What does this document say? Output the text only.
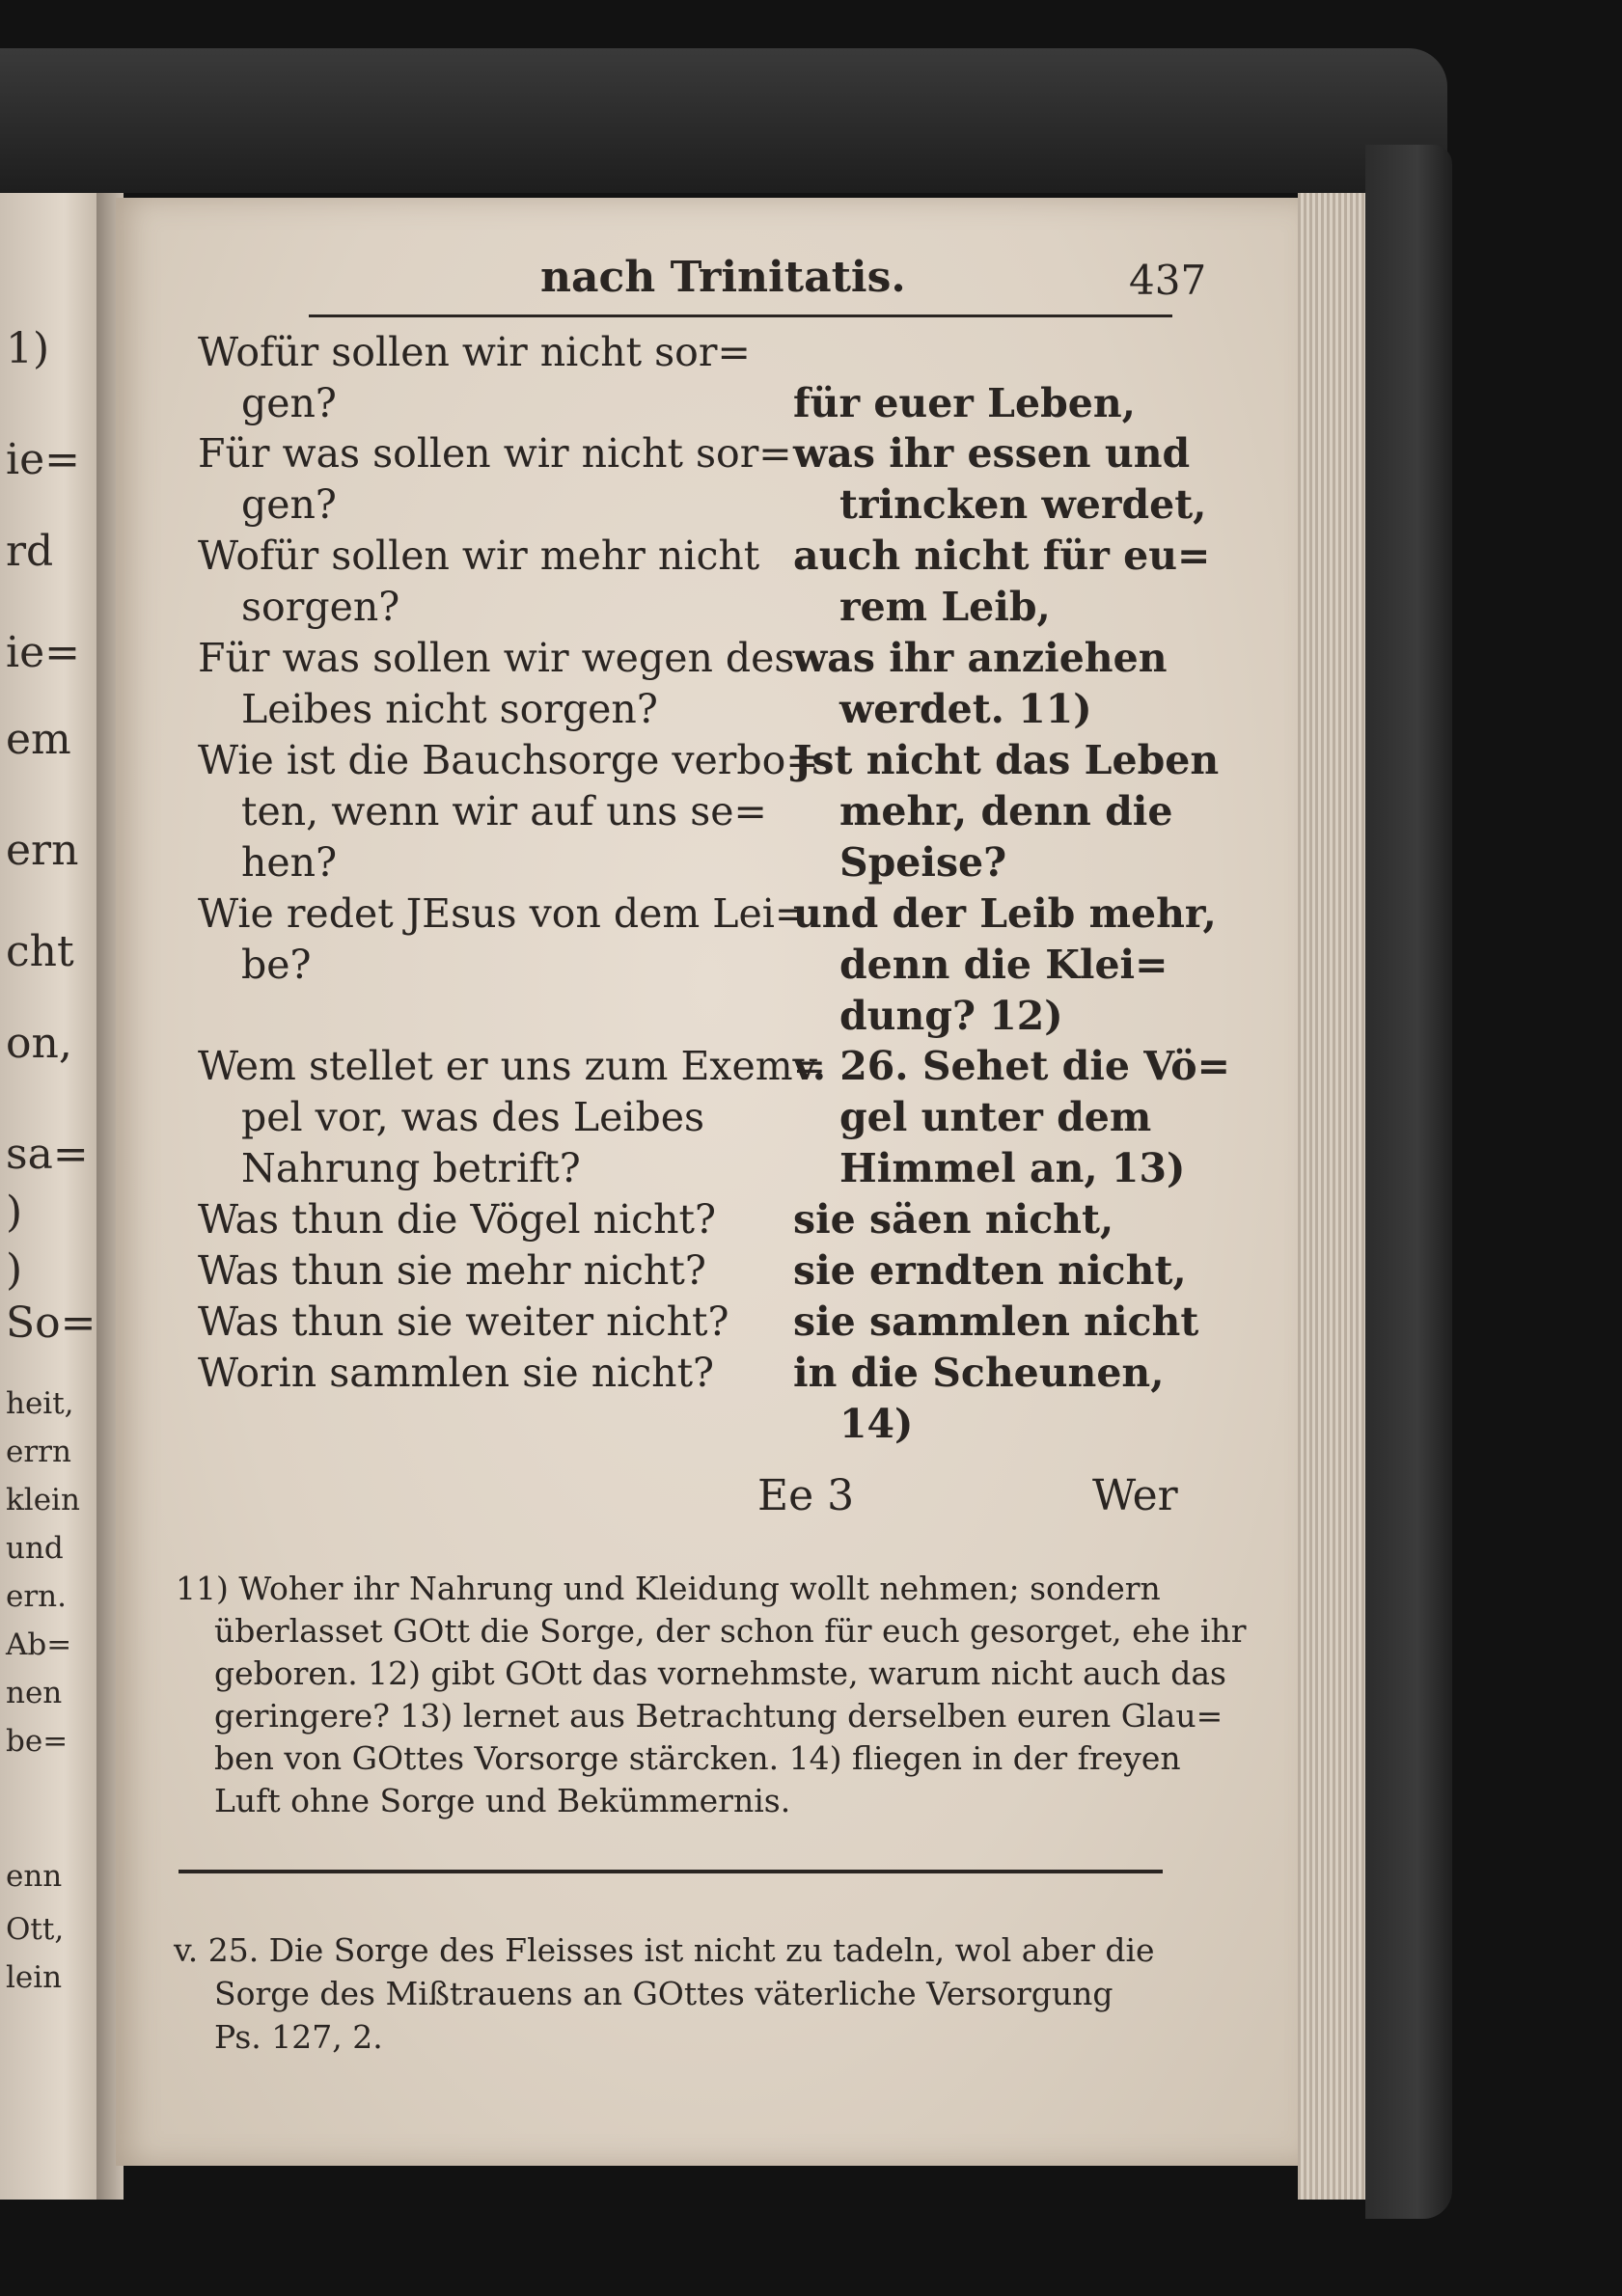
1)
ie=
rd
ie=
em
ern
cht
on,
sa=
)
)
So=
heit,
errn
klein
und
ern.
Ab=
nen
be=
enn
Ott,
lein
nach Trinitatis.	437
Wofür sollen wir nicht sor=
gen?
Für was sollen wir nicht sor=
gen?
Wofür sollen wir mehr nicht
sorgen?
Für was sollen wir wegen des
Leibes nicht sorgen?
Wie ist die Bauchsorge verbo=
ten, wenn wir auf uns se=
hen?
Wie redet JEsus von dem Lei=
be?
Wem stellet er uns zum Exem=
pel vor, was des Leibes
Nahrung betrift?
Was thun die Vögel nicht?
Was thun sie mehr nicht?
Was thun sie weiter nicht?
Worin sammlen sie nicht?
für euer Leben,
was ihr essen und
trincken werdet,
auch nicht für eu=
rem Leib,
was ihr anziehen
werdet. 11)
Jst nicht das Leben
mehr, denn die
Speise?
und der Leib mehr,
denn die Klei=
dung? 12)
v. 26. Sehet die Vö=
gel unter dem
Himmel an, 13)
sie säen nicht,
sie erndten nicht,
sie sammlen nicht
in die Scheunen,
14)
Ee 3	Wer
11) Woher ihr Nahrung und Kleidung wollt nehmen; sondern
überlasset GOtt die Sorge, der schon für euch gesorget, ehe ihr
geboren. 12) gibt GOtt das vornehmste, warum nicht auch das
geringere? 13) lernet aus Betrachtung derselben euren Glau=
ben von GOttes Vorsorge stärcken. 14) fliegen in der freyen
Luft ohne Sorge und Bekümmernis.
v. 25. Die Sorge des Fleisses ist nicht zu tadeln, wol aber die
Sorge des Mißtrauens an GOttes väterliche Versorgung
Ps. 127, 2.
